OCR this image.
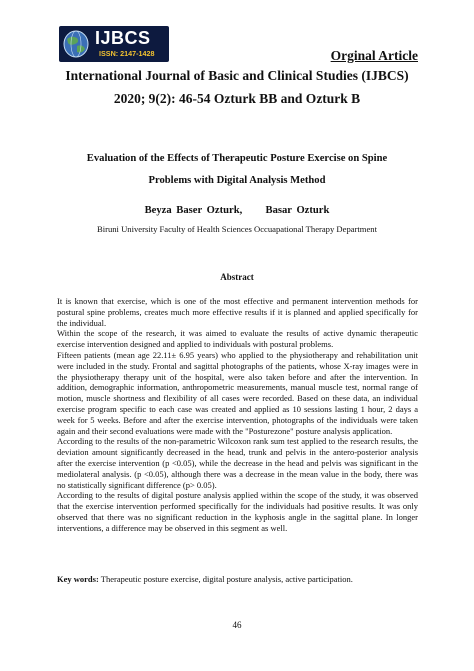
IJBCS
ISSN: 2147-1428	Orginal Article
International Journal of Basic and Clinical Studies (IJBCS)
2020; 9(2): 46-54 Ozturk BB and Ozturk B
Evaluation of the Effects of Therapeutic Posture Exercise on Spine Problems with Digital Analysis Method
Beyza Baser Ozturk, Basar Ozturk
Biruni University Faculty of Health Sciences Occuapational Therapy Department
Abstract

It is known that exercise, which is one of the most effective and permanent intervention methods for postural spine problems, creates much more effective results if it is planned and applied specifically for the individual.

Within the scope of the research, it was aimed to evaluate the results of active dynamic therapeutic exercise intervention designed and applied to individuals with postural problems.

Fifteen patients (mean age 22.11± 6.95 years) who applied to the physiotherapy and rehabilitation unit were included in the study. Frontal and sagittal photographs of the patients, whose X-ray images were in the physiotherapy therapy unit of the hospital, were also taken before and after the intervention. In addition, demographic information, anthropometric measurements, manual muscle test, normal range of motion, muscle shortness and flexibility of all cases were recorded. Based on these data, an individual exercise program specific to each case was created and applied as 10 sessions lasting 1 hour, 2 days a week for 5 weeks. Before and after the exercise intervention, photographs of the individuals were taken again and their second evaluations were made with the "Posturezone" posture analysis application.

According to the results of the non-parametric Wilcoxon rank sum test applied to the research results, the deviation amount significantly decreased in the head, trunk and pelvis in the antero-posterior analysis after the exercise intervention (p <0.05), while the decrease in the head and pelvis was significant in the mediolateral analysis. (p <0.05), although there was a decrease in the mean value in the body, there was no statistically significant difference (p> 0.05).

According to the results of digital posture analysis applied within the scope of the study, it was observed that the exercise intervention performed specifically for the individuals had positive results. It was only observed that there was no significant reduction in the kyphosis angle in the sagittal plane. In longer interventions, a difference may be observed in this segment as well.

Key words: Therapeutic posture exercise, digital posture analysis, active participation.
46
